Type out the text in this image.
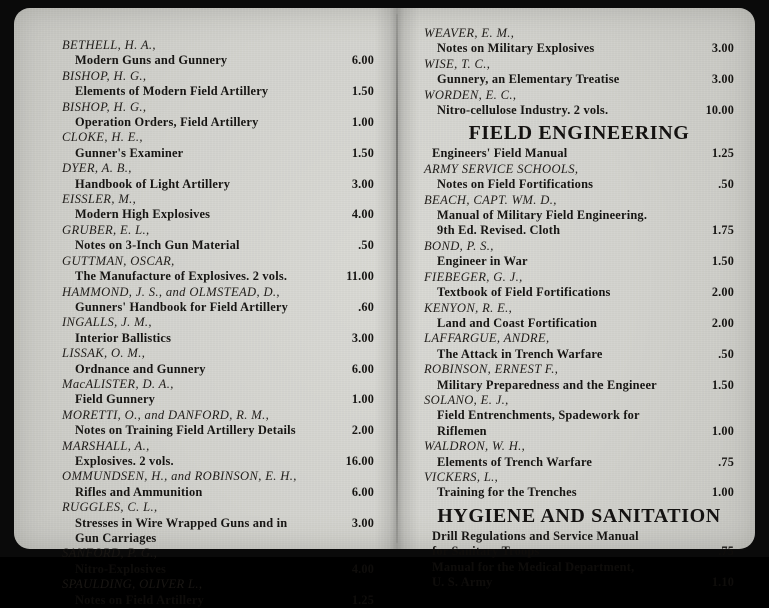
BETHELL, H. A.,
Modern Guns and Gunnery	6.00
BISHOP, H. G.,
Elements of Modern Field Artillery	1.50
BISHOP, H. G.,
Operation Orders, Field Artillery	1.00
CLOKE, H. E.,
Gunner's Examiner	1.50
DYER, A. B.,
Handbook of Light Artillery	3.00
EISSLER, M.,
Modern High Explosives	4.00
GRUBER, E. L.,
Notes on 3-Inch Gun Material	.50
GUTTMAN, OSCAR,
The Manufacture of Explosives. 2 vols.	11.00
HAMMOND, J. S., and OLMSTEAD, D.,
Gunners' Handbook for Field Artillery	.60
INGALLS, J. M.,
Interior Ballistics	3.00
LISSAK, O. M.,
Ordnance and Gunnery	6.00
MacALISTER, D. A.,
Field Gunnery	1.00
MORETTI, O., and DANFORD, R. M.,
Notes on Training Field Artillery Details	2.00
MARSHALL, A.,
Explosives. 2 vols.	16.00
OMMUNDSEN, H., and ROBINSON, E. H.,
Rifles and Ammunition	6.00
RUGGLES, C. L.,
Stresses in Wire Wrapped Guns and in	3.00
Gun Carriages
SANFORD, P. G.,
Nitro-Explosives	4.00
SPAULDING, OLIVER L.,
Notes on Field Artillery	1.25
WEAVER, E. M.,
Notes on Military Explosives	3.00
WISE, T. C.,
Gunnery, an Elementary Treatise	3.00
WORDEN, E. C.,
Nitro-cellulose Industry. 2 vols.	10.00
FIELD ENGINEERING
Engineers' Field Manual	1.25
ARMY SERVICE SCHOOLS,
Notes on Field Fortifications	.50
BEACH, CAPT. WM. D.,
Manual of Military Field Engineering.
9th Ed. Revised. Cloth	1.75
BOND, P. S.,
Engineer in War	1.50
FIEBEGER, G. J.,
Textbook of Field Fortifications	2.00
KENYON, R. E.,
Land and Coast Fortification	2.00
LAFFARGUE, ANDRE,
The Attack in Trench Warfare	.50
ROBINSON, ERNEST F.,
Military Preparedness and the Engineer	1.50
SOLANO, E. J.,
Field Entrenchments, Spadework for
Riflemen	1.00
WALDRON, W. H.,
Elements of Trench Warfare	.75
VICKERS, L.,
Training for the Trenches	1.00
HYGIENE AND SANITATION
Drill Regulations and Service Manual
for Sanitary Troops	.75
Manual for the Medical Department,
U. S. Army	1.10
